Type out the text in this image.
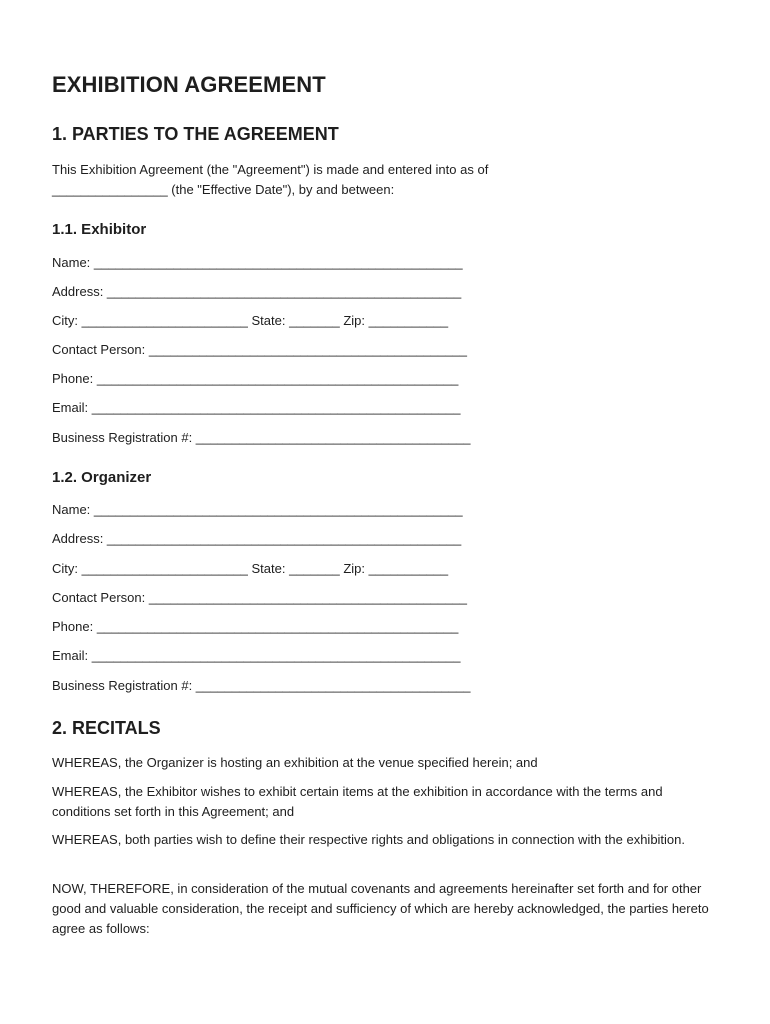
EXHIBITION AGREEMENT
1. PARTIES TO THE AGREEMENT
This Exhibition Agreement (the "Agreement") is made and entered into as of
________________ (the "Effective Date"), by and between:
1.1. Exhibitor
Name: ___________________________________________________
Address: _________________________________________________
City: _______________________ State: _______ Zip: ___________
Contact Person: ____________________________________________
Phone: __________________________________________________
Email: ___________________________________________________
Business Registration #: ______________________________________
1.2. Organizer
Name: ___________________________________________________
Address: _________________________________________________
City: _______________________ State: _______ Zip: ___________
Contact Person: ____________________________________________
Phone: __________________________________________________
Email: ___________________________________________________
Business Registration #: ______________________________________
2. RECITALS
WHEREAS, the Organizer is hosting an exhibition at the venue specified herein; and
WHEREAS, the Exhibitor wishes to exhibit certain items at the exhibition in accordance with the terms and conditions set forth in this Agreement; and
WHEREAS, both parties wish to define their respective rights and obligations in connection with the exhibition.
NOW, THEREFORE, in consideration of the mutual covenants and agreements hereinafter set forth and for other good and valuable consideration, the receipt and sufficiency of which are hereby acknowledged, the parties hereto agree as follows:
